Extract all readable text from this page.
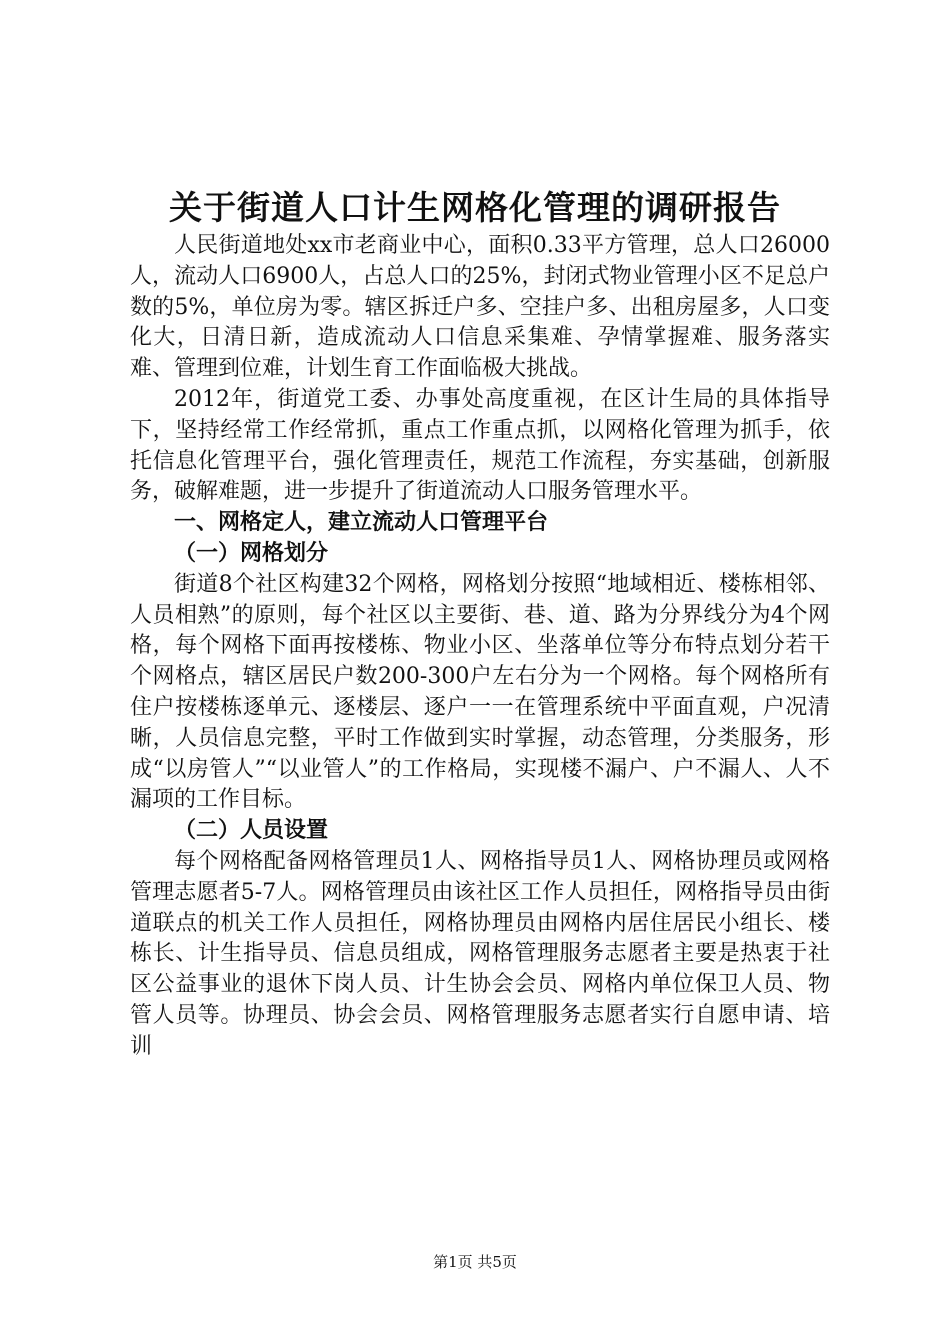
关于街道人口计生网格化管理的调研报告

人民街道地处xx市老商业中心，面积0.33平方管理，总人口26000人，流动人口6900人，占总人口的25%，封闭式物业管理小区不足总户数的5%，单位房为零。辖区拆迁户多、空挂户多、出租房屋多，人口变化大，日清日新，造成流动人口信息采集难、孕情掌握难、服务落实难、管理到位难，计划生育工作面临极大挑战。

2012年，街道党工委、办事处高度重视，在区计生局的具体指导下，坚持经常工作经常抓，重点工作重点抓，以网格化管理为抓手，依托信息化管理平台，强化管理责任，规范工作流程，夯实基础，创新服务，破解难题，进一步提升了街道流动人口服务管理水平。

一、网格定人，建立流动人口管理平台

（一）网格划分

街道8个社区构建32个网格，网格划分按照“地域相近、楼栋相邻、人员相熟”的原则，每个社区以主要街、巷、道、路为分界线分为4个网格，每个网格下面再按楼栋、物业小区、坐落单位等分布特点划分若干个网格点，辖区居民户数200-300户左右分为一个网格。每个网格所有住户按楼栋逐单元、逐楼层、逐户一一在管理系统中平面直观，户况清晰，人员信息完整，平时工作做到实时掌握，动态管理，分类服务，形成“以房管人”“以业管人”的工作格局，实现楼不漏户、户不漏人、人不漏项的工作目标。

（二）人员设置

每个网格配备网格管理员1人、网格指导员1人、网格协理员或网格管理志愿者5-7人。网格管理员由该社区工作人员担任，网格指导员由街道联点的机关工作人员担任，网格协理员由网格内居住居民小组长、楼栋长、计生指导员、信息员组成，网格管理服务志愿者主要是热衷于社区公益事业的退休下岗人员、计生协会会员、网格内单位保卫人员、物管人员等。协理员、协会会员、网格管理服务志愿者实行自愿申请、培训

第1页 共5页
